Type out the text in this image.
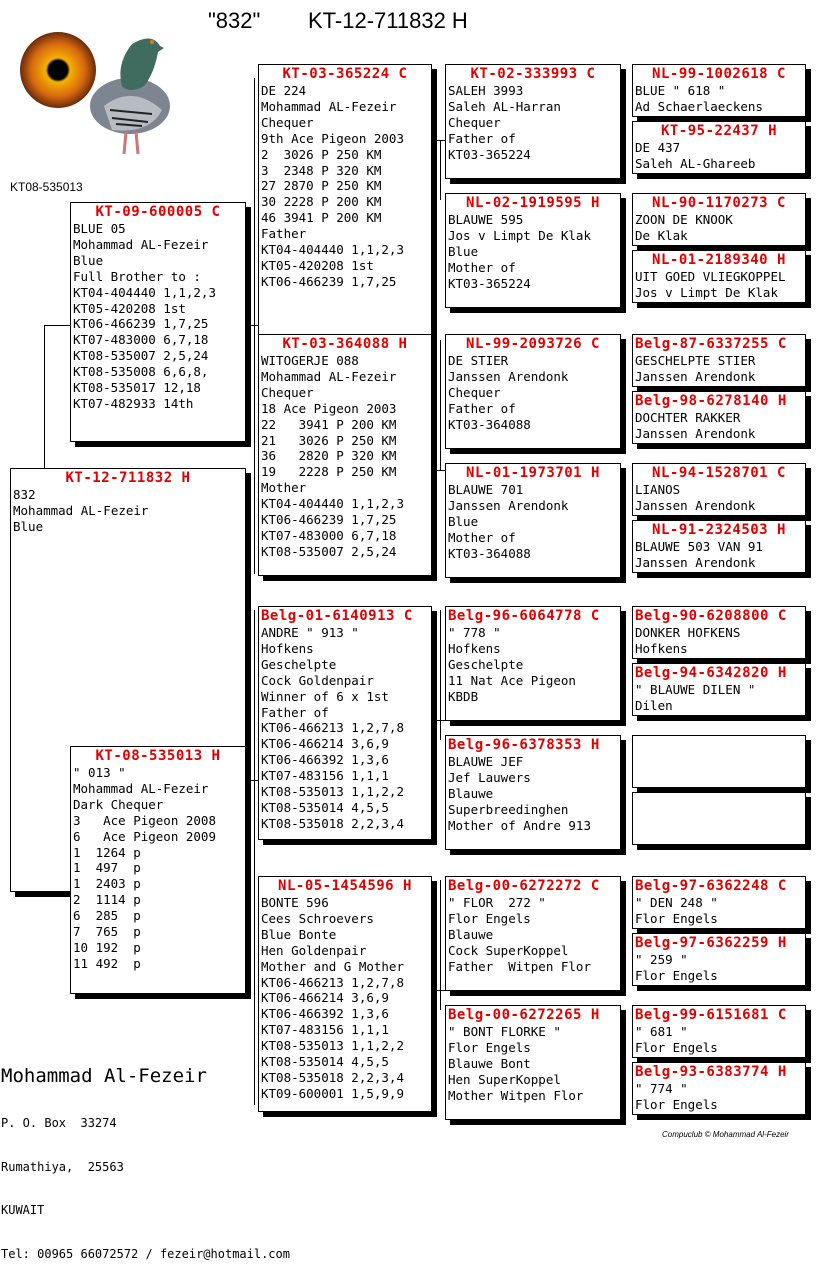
"832" KT-12-711832 H
KT08-535013
KT-12-711832 H
832
Mohammad AL-Fezeir
Blue
KT-09-600005 C
BLUE 05
Mohammad AL-Fezeir
Blue
Full Brother to :
KT04-404440 1,1,2,3
KT05-420208 1st
KT06-466239 1,7,25
KT07-483000 6,7,18
KT08-535007 2,5,24
KT08-535008 6,6,8,
KT08-535017 12,18
KT07-482933 14th
KT-08-535013 H
" 013 "
Mohammad AL-Fezeir
Dark Chequer
3   Ace Pigeon 2008
6   Ace Pigeon 2009
1  1264 p
1  497  p
1  2403 p
2  1114 p
6  285  p
7  765  p
10 192  p
11 492  p
KT-03-365224 C
DE 224
Mohammad AL-Fezeir
Chequer
9th Ace Pigeon 2003
2  3026 P 250 KM
3  2348 P 320 KM
27 2870 P 250 KM
30 2228 P 200 KM
46 3941 P 200 KM
Father
KT04-404440 1,1,2,3
KT05-420208 1st
KT06-466239 1,7,25
KT-03-364088 H
WITOGERJE 088
Mohammad AL-Fezeir
Chequer
18 Ace Pigeon 2003
22   3941 P 200 KM
21   3026 P 250 KM
36   2820 P 320 KM
19   2228 P 250 KM
Mother
KT04-404440 1,1,2,3
KT06-466239 1,7,25
KT07-483000 6,7,18
KT08-535007 2,5,24
Belg-01-6140913 C
ANDRE " 913 "
Hofkens
Geschelpte
Cock Goldenpair
Winner of 6 x 1st
Father of
KT06-466213 1,2,7,8
KT06-466214 3,6,9
KT06-466392 1,3,6
KT07-483156 1,1,1
KT08-535013 1,1,2,2
KT08-535014 4,5,5
KT08-535018 2,2,3,4
NL-05-1454596 H
BONTE 596
Cees Schroevers
Blue Bonte
Hen Goldenpair
Mother and G Mother
KT06-466213 1,2,7,8
KT06-466214 3,6,9
KT06-466392 1,3,6
KT07-483156 1,1,1
KT08-535013 1,1,2,2
KT08-535014 4,5,5
KT08-535018 2,2,3,4
KT09-600001 1,5,9,9
KT-02-333993 C
SALEH 3993
Saleh AL-Harran
Chequer
Father of
KT03-365224
NL-02-1919595 H
BLAUWE 595
Jos v Limpt De Klak
Blue
Mother of
KT03-365224
NL-99-2093726 C
DE STIER
Janssen Arendonk
Chequer
Father of
KT03-364088
NL-01-1973701 H
BLAUWE 701
Janssen Arendonk
Blue
Mother of
KT03-364088
Belg-96-6064778 C
" 778 "
Hofkens
Geschelpte
11 Nat Ace Pigeon
KBDB
Belg-96-6378353 H
BLAUWE JEF
Jef Lauwers
Blauwe
Superbreedinghen
Mother of Andre 913
Belg-00-6272272 C
" FLOR  272 "
Flor Engels
Blauwe
Cock SuperKoppel
Father  Witpen Flor
Belg-00-6272265 H
" BONT FLORKE "
Flor Engels
Blauwe Bont
Hen SuperKoppel
Mother Witpen Flor
NL-99-1002618 C
BLUE " 618 "
Ad Schaerlaeckens
KT-95-22437 H
DE 437
Saleh AL-Ghareeb
NL-90-1170273 C
ZOON DE KNOOK
De Klak
NL-01-2189340 H
UIT GOED VLIEGKOPPEL
Jos v Limpt De Klak
Belg-87-6337255 C
GESCHELPTE STIER
Janssen Arendonk
Belg-98-6278140 H
DOCHTER RAKKER
Janssen Arendonk
NL-94-1528701 C
LIANOS
Janssen Arendonk
NL-91-2324503 H
BLAUWE 503 VAN 91
Janssen Arendonk
Belg-90-6208800 C
DONKER HOFKENS
Hofkens
Belg-94-6342820 H
" BLAUWE DILEN "
Dilen
Belg-97-6362248 C
" DEN 248 "
Flor Engels
Belg-97-6362259 H
" 259 "
Flor Engels
Belg-99-6151681 C
" 681 "
Flor Engels
Belg-93-6383774 H
" 774 "
Flor Engels

Mohammad Al-Fezeir

P. O. Box  33274

Rumathiya,  25563

KUWAIT

Tel: 00965 66072572 / fezeir@hotmail.com

Compuclub © Mohammad Al-Fezeir
